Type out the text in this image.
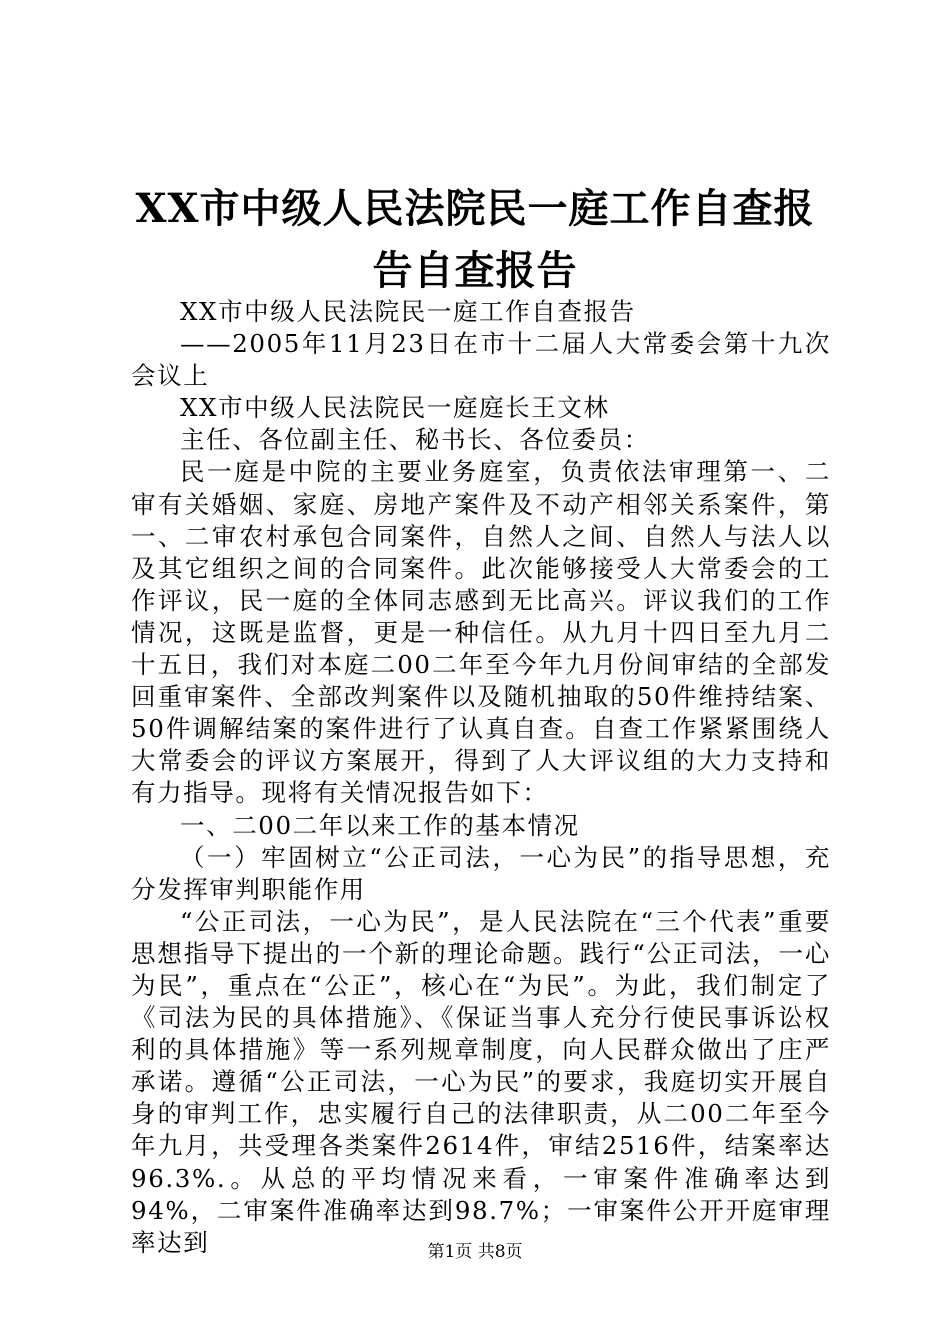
XX市中级人民法院民一庭工作自查报告自查报告

XX市中级人民法院民一庭工作自查报告

——2005年11月23日在市十二届人大常委会第十九次会议上

XX市中级人民法院民一庭庭长王文林

主任、各位副主任、秘书长、各位委员：

民一庭是中院的主要业务庭室，负责依法审理第一、二审有关婚姻、家庭、房地产案件及不动产相邻关系案件，第一、二审农村承包合同案件，自然人之间、自然人与法人以及其它组织之间的合同案件。此次能够接受人大常委会的工作评议，民一庭的全体同志感到无比高兴。评议我们的工作情况，这既是监督，更是一种信任。从九月十四日至九月二十五日，我们对本庭二00二年至今年九月份间审结的全部发回重审案件、全部改判案件以及随机抽取的50件维持结案、50件调解结案的案件进行了认真自查。自查工作紧紧围绕人大常委会的评议方案展开，得到了人大评议组的大力支持和有力指导。现将有关情况报告如下：

一、二00二年以来工作的基本情况

（一）牢固树立“公正司法，一心为民”的指导思想，充分发挥审判职能作用

“公正司法，一心为民”，是人民法院在“三个代表”重要思想指导下提出的一个新的理论命题。践行“公正司法，一心为民”，重点在“公正”，核心在“为民”。为此，我们制定了《司法为民的具体措施》、《保证当事人充分行使民事诉讼权利的具体措施》等一系列规章制度，向人民群众做出了庄严承诺。遵循“公正司法，一心为民”的要求，我庭切实开展自身的审判工作，忠实履行自己的法律职责，从二00二年至今年九月，共受理各类案件2614件，审结2516件，结案率达96.3%.。从总的平均情况来看，一审案件准确率达到94%，二审案件准确率达到98.7%；一审案件公开开庭审理率达到	第1页 共8页
